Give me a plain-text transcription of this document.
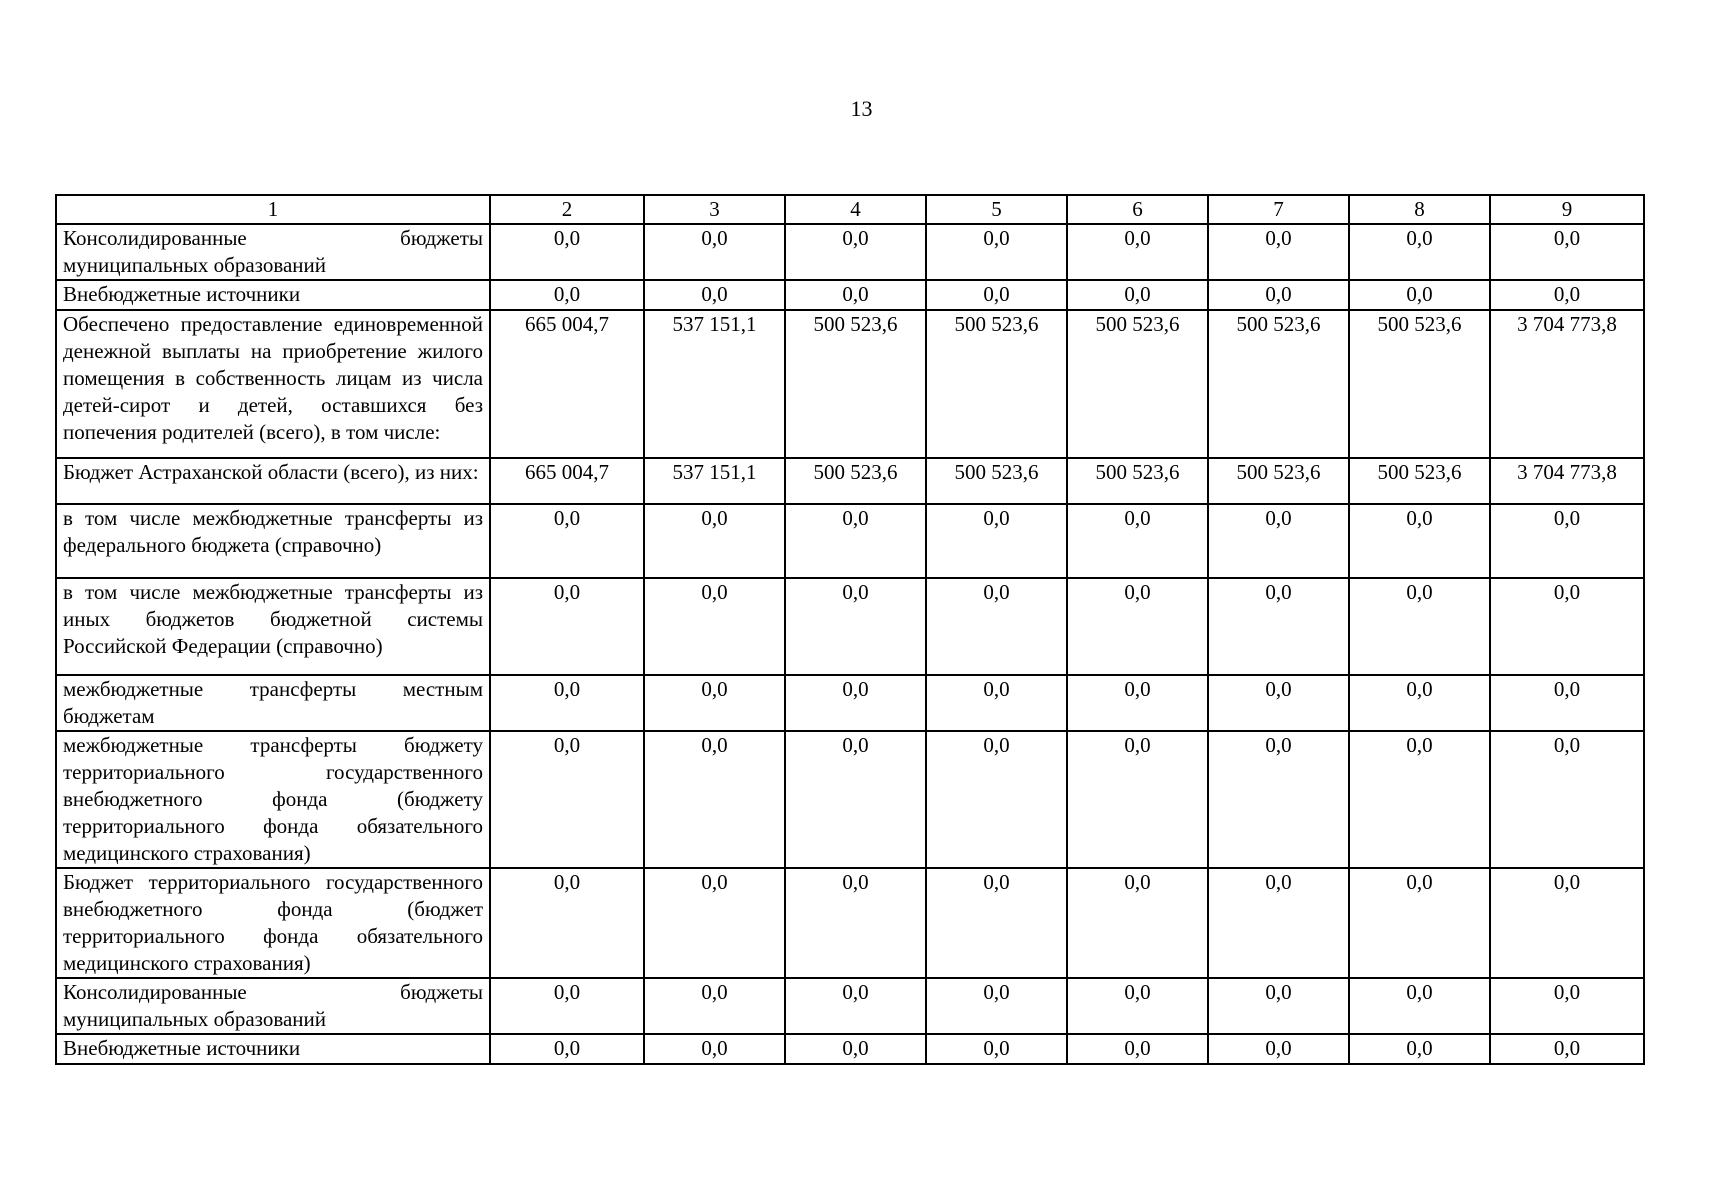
13
1	2	3	4	5	6	7	8	9
Консолидированные бюджеты муниципальных образований	0,0	0,0	0,0	0,0	0,0	0,0	0,0	0,0
Внебюджетные источники	0,0	0,0	0,0	0,0	0,0	0,0	0,0	0,0
Обеспечено предоставление единовременной денежной выплаты на приобретение жилого помещения в собственность лицам из числа детей-сирот и детей, оставшихся без попечения родителей (всего), в том числе:	665 004,7	537 151,1	500 523,6	500 523,6	500 523,6	500 523,6	500 523,6	3 704 773,8
Бюджет Астраханской области (всего), из них:	665 004,7	537 151,1	500 523,6	500 523,6	500 523,6	500 523,6	500 523,6	3 704 773,8
в том числе межбюджетные трансферты из федерального бюджета (справочно)	0,0	0,0	0,0	0,0	0,0	0,0	0,0	0,0
в том числе межбюджетные трансферты из иных бюджетов бюджетной системы Российской Федерации (справочно)	0,0	0,0	0,0	0,0	0,0	0,0	0,0	0,0
межбюджетные трансферты местным бюджетам	0,0	0,0	0,0	0,0	0,0	0,0	0,0	0,0
межбюджетные трансферты бюджету территориального государственного внебюджетного фонда (бюджету территориального фонда обязательного медицинского страхования)	0,0	0,0	0,0	0,0	0,0	0,0	0,0	0,0
Бюджет территориального государственного внебюджетного фонда (бюджет территориального фонда обязательного медицинского страхования)	0,0	0,0	0,0	0,0	0,0	0,0	0,0	0,0
Консолидированные бюджеты муниципальных образований	0,0	0,0	0,0	0,0	0,0	0,0	0,0	0,0
Внебюджетные источники	0,0	0,0	0,0	0,0	0,0	0,0	0,0	0,0
